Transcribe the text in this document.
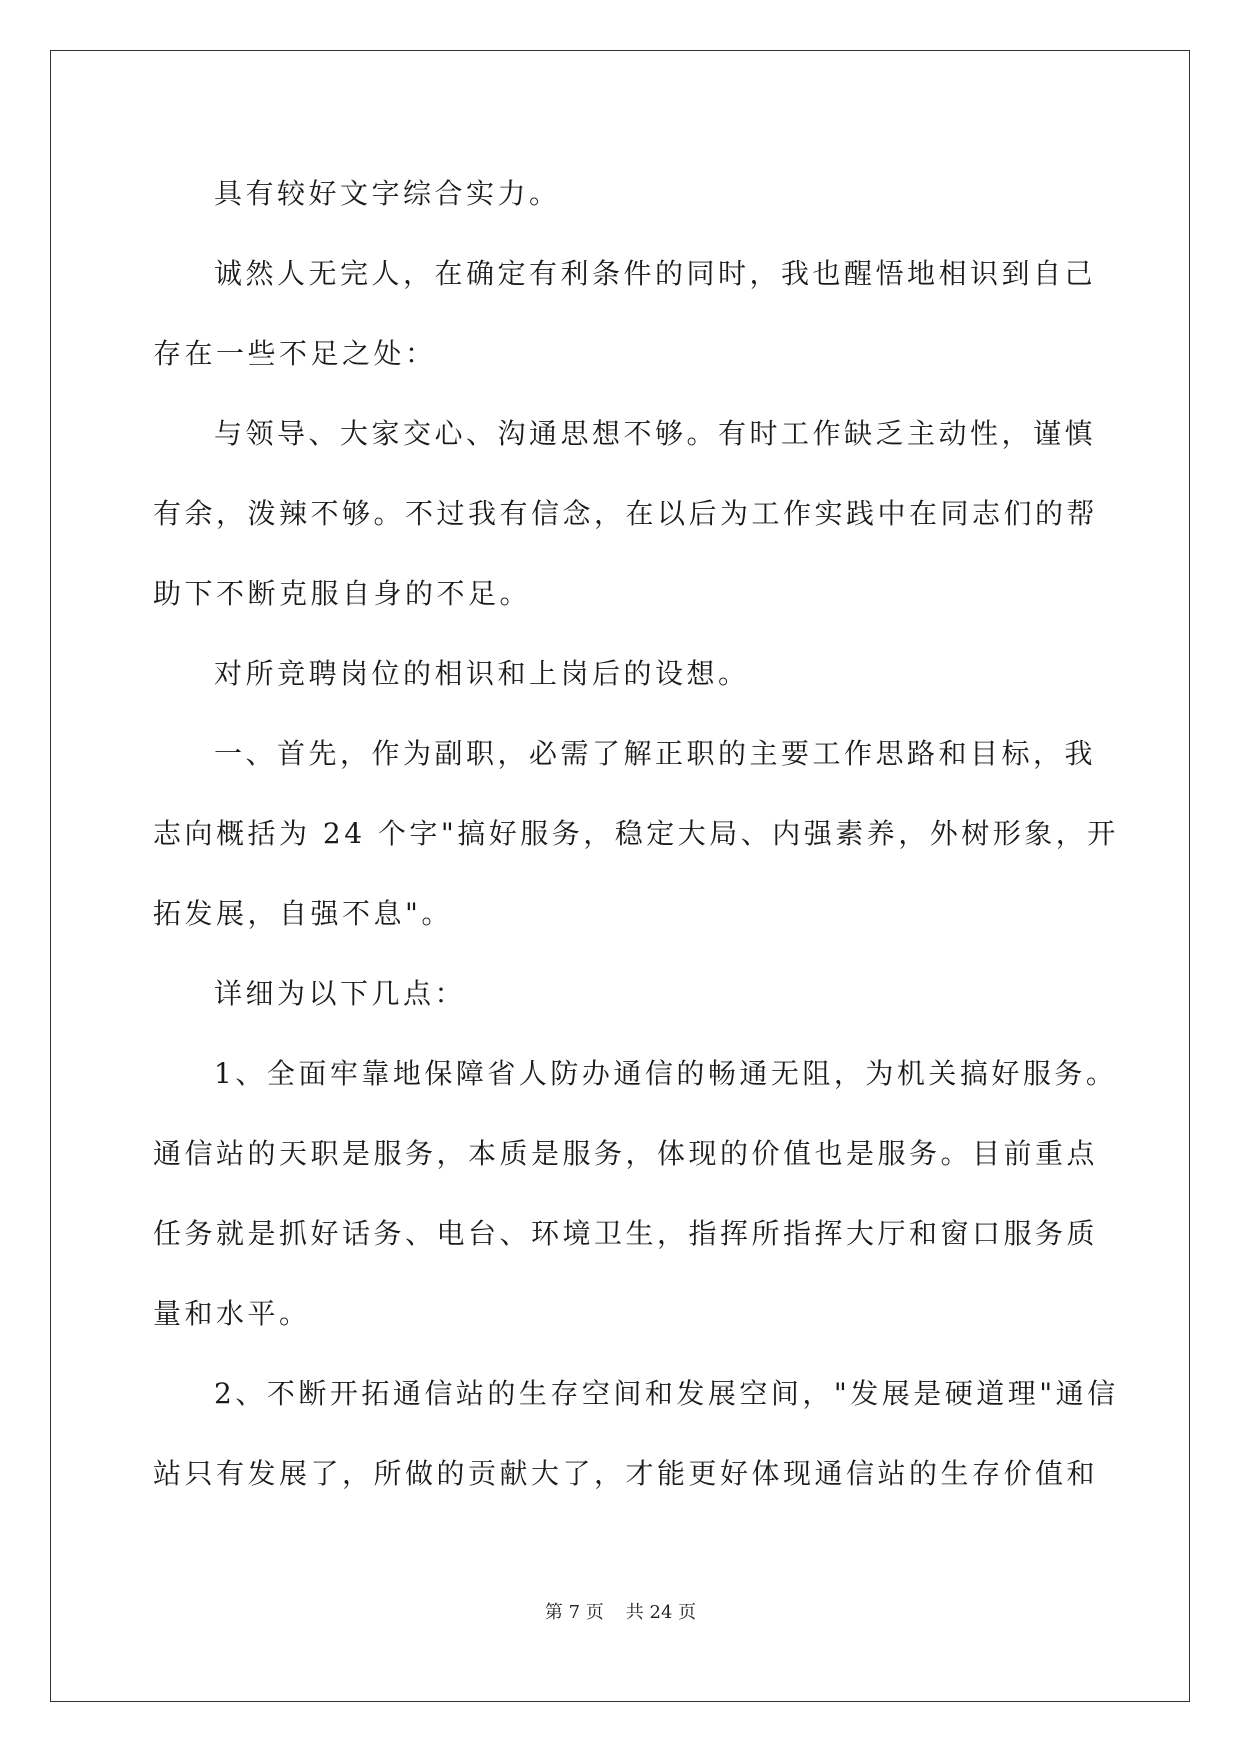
具有较好文字综合实力。
诚然人无完人，在确定有利条件的同时，我也醒悟地相识到自己
存在一些不足之处：
与领导、大家交心、沟通思想不够。有时工作缺乏主动性，谨慎
有余，泼辣不够。不过我有信念，在以后为工作实践中在同志们的帮
助下不断克服自身的不足。
对所竞聘岗位的相识和上岗后的设想。
一、首先，作为副职，必需了解正职的主要工作思路和目标，我
志向概括为 24 个字"搞好服务，稳定大局、内强素养，外树形象，开
拓发展，自强不息"。
详细为以下几点：
1、全面牢靠地保障省人防办通信的畅通无阻，为机关搞好服务。
通信站的天职是服务，本质是服务，体现的价值也是服务。目前重点
任务就是抓好话务、电台、环境卫生，指挥所指挥大厅和窗口服务质
量和水平。
2、不断开拓通信站的生存空间和发展空间，"发展是硬道理"通信
站只有发展了，所做的贡献大了，才能更好体现通信站的生存价值和
第 7 页 共 24 页
